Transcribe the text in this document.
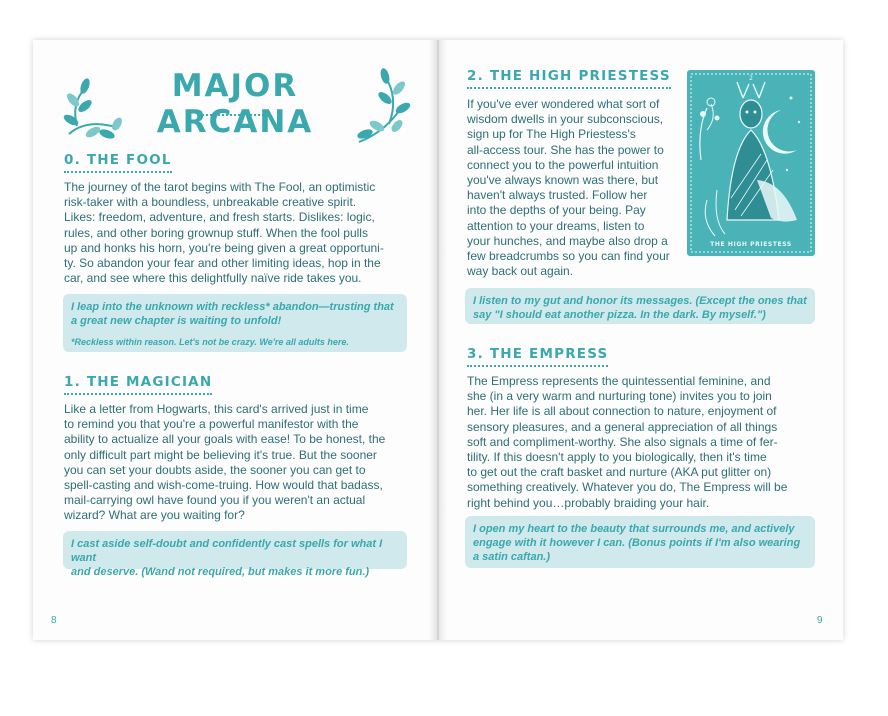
MAJOR ARCANA
0. THE FOOL
The journey of the tarot begins with The Fool, an optimistic
risk-taker with a boundless, unbreakable creative spirit.
Likes: freedom, adventure, and fresh starts. Dislikes: logic,
rules, and other boring grownup stuff. When the fool pulls
up and honks his horn, you're being given a great opportuni-
ty. So abandon your fear and other limiting ideas, hop in the
car, and see where this delightfully naïve ride takes you.
I leap into the unknown with reckless* abandon—trusting that
a great new chapter is waiting to unfold!
*Reckless within reason. Let's not be crazy. We're all adults here.
1. THE MAGICIAN
Like a letter from Hogwarts, this card's arrived just in time
to remind you that you're a powerful manifestor with the
ability to actualize all your goals with ease! To be honest, the
only difficult part might be believing it's true. But the sooner
you can set your doubts aside, the sooner you can get to
spell-casting and wish-come-truing. How would that badass,
mail-carrying owl have found you if you weren't an actual
wizard? What are you waiting for?
I cast aside self-doubt and confidently cast spells for what I want
and deserve. (Wand not required, but makes it more fun.)
8
2. THE HIGH PRIESTESS
If you've ever wondered what sort of
wisdom dwells in your subconscious,
sign up for The High Priestess's
all-access tour. She has the power to
connect you to the powerful intuition
you've always known was there, but
haven't always trusted. Follow her
into the depths of your being. Pay
attention to your dreams, listen to
your hunches, and maybe also drop a
few breadcrumbs so you can find your
way back out again.
2
THE HIGH PRIESTESS
I listen to my gut and honor its messages. (Except the ones that
say "I should eat another pizza. In the dark. By myself.")
3. THE EMPRESS
The Empress represents the quintessential feminine, and
she (in a very warm and nurturing tone) invites you to join
her. Her life is all about connection to nature, enjoyment of
sensory pleasures, and a general appreciation of all things
soft and compliment-worthy. She also signals a time of fer-
tility. If this doesn't apply to you biologically, then it's time
to get out the craft basket and nurture (AKA put glitter on)
something creatively. Whatever you do, The Empress will be
right behind you…probably braiding your hair.
I open my heart to the beauty that surrounds me, and actively
engage with it however I can. (Bonus points if I'm also wearing
a satin caftan.)
9
